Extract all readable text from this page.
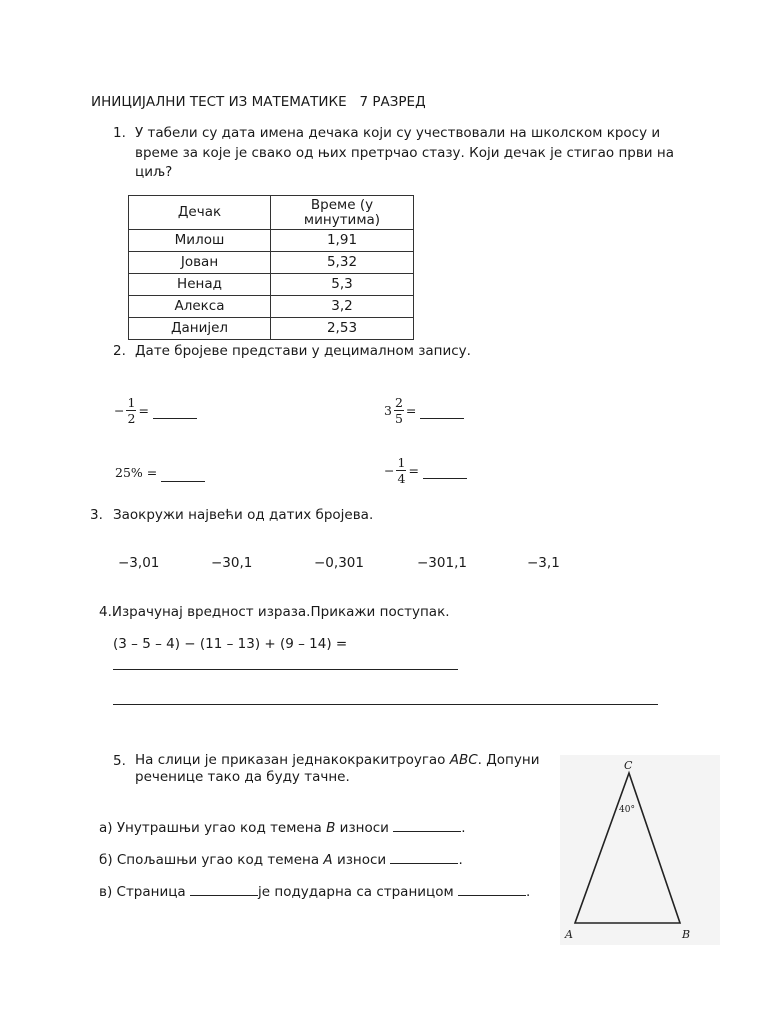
ИНИЦИЈАЛНИ ТЕСТ ИЗ МАТЕМАТИКЕ   7 РАЗРЕД
1. У табели су дата имена дечака који су учествовали на школском кросу и време за које је свако од њих претрчао стазу. Који дечак је стигао први на циљ?
Дечак	Време (у минутима)
Милош	1,91
Јован	5,32
Ненад	5,3
Алекса	3,2
Данијел	2,53
2. Дате бројеве представи у децималном запису.
− $\frac{1}{2}$ =	$3 \frac{2}{5}$ =
25% =	− $\frac{1}{4}$ =
3. Заокружи највећи од датих бројева.
−3,01	−30,1	−0,301	−301,1	−3,1
4.Израчунај вредност израза.Прикажи поступак.
(3 – 5 – 4) − (11 – 13) + (9 – 14) =
5. На слици је приказан једнакокракитроугао ABC. Допуни реченице тако да буду тачне.
а) Унутрашњи угао код темена B износи	.
б) Спољашњи угао код темена A износи	.
в) Страница	је подударна са страницом	.
C
40°
A	B
